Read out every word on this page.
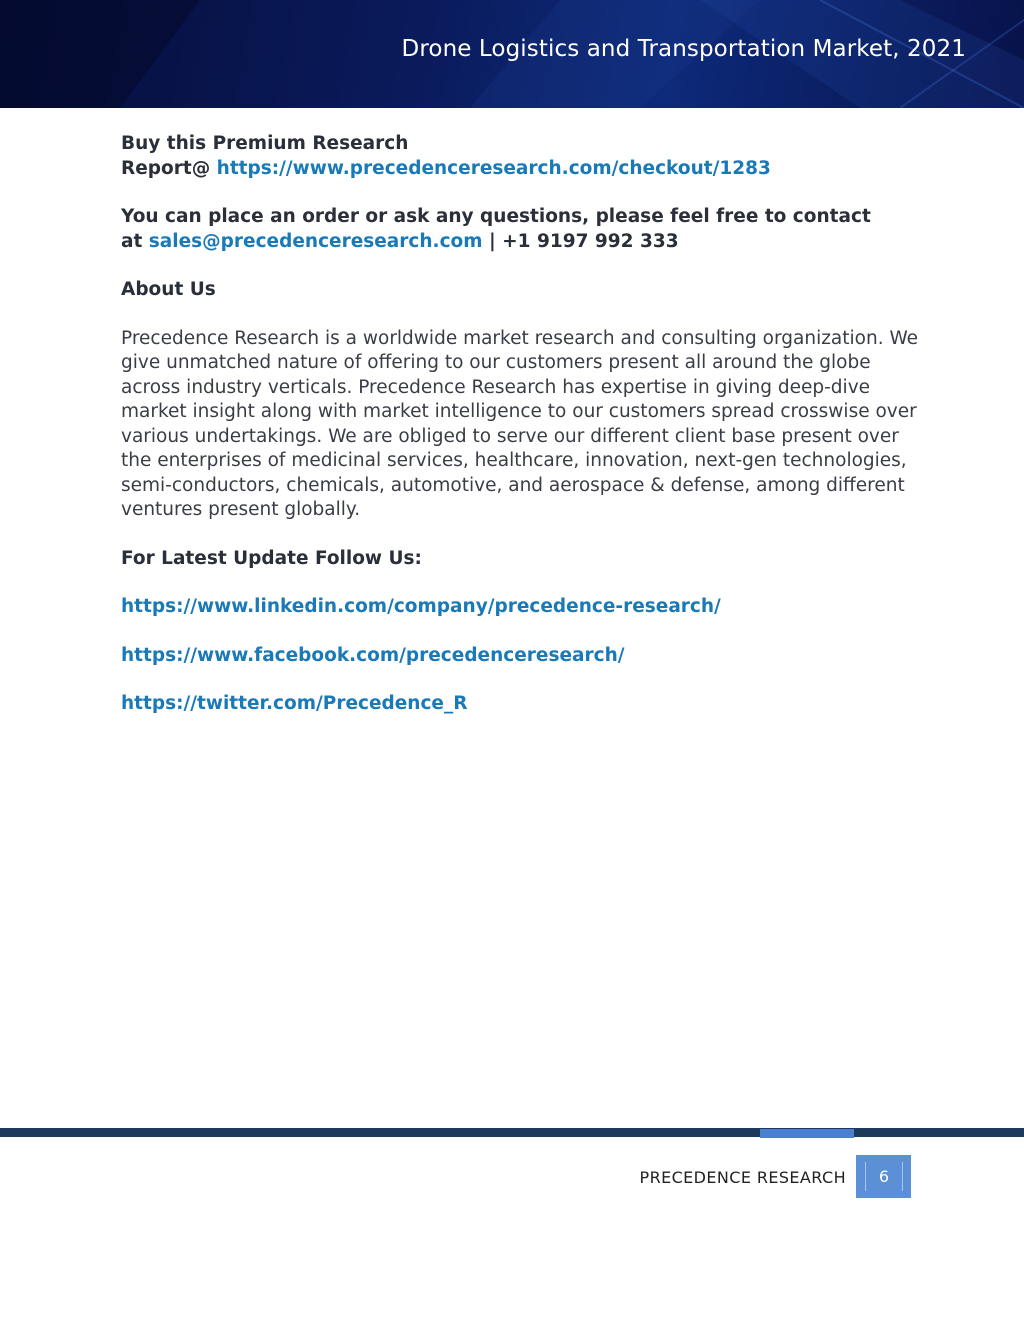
Drone Logistics and Transportation Market, 2021
Buy this Premium Research
Report@ https://www.precedenceresearch.com/checkout/1283
You can place an order or ask any questions, please feel free to contact
at sales@precedenceresearch.com | +1 9197 992 333
About Us
Precedence Research is a worldwide market research and consulting organization. We give unmatched nature of offering to our customers present all around the globe across industry verticals. Precedence Research has expertise in giving deep-dive market insight along with market intelligence to our customers spread crosswise over various undertakings. We are obliged to serve our different client base present over the enterprises of medicinal services, healthcare, innovation, next-gen technologies, semi-conductors, chemicals, automotive, and aerospace & defense, among different ventures present globally.
For Latest Update Follow Us:
https://www.linkedin.com/company/precedence-research/
https://www.facebook.com/precedenceresearch/
https://twitter.com/Precedence_R
PRECEDENCE RESEARCH	6
